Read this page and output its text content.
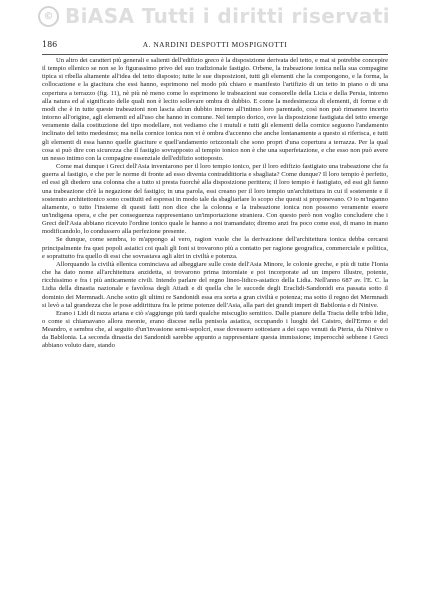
© BiASA Tutti i diritti riservati
A. NARDINI DESPOTTI MOSPIGNOTTI
186

Un altro dei caratteri più generali e salienti dell'edifizio greco è la disposizione derivata del tetto, e mai si potrebbe concepire il tempio ellenico se non se lo figurassimo privo del suo tradizionale fastigio. Orbene, la trabeazione ionica nella sua compagine tipica si ribella altamente all'idea del tetto disposto; tutte le sue disposizioni, tutti gli elementi che la compongono, e la forma, la collocazione e la giacitura che essi hanno, esprimono nel modo più chiaro e manifesto l'artifizio di un tetto in piano o di una copertura a terrazzo (fig. 11), nè più nè meno come lo esprimono le trabeazioni sue consorelle della Licia e della Persia, intorno alla natura ed al significato delle quali non è lecito sollevare ombra di dubbio. E come la medesimezza di elementi, di forme e di modi che è in tutte queste trabeazioni non lascia alcun dubbio intorno all'intimo loro parentado, così non può rimanere incerto intorno all'origine, agli elementi ed all'uso che hanno in comune. Nel tempio dorico, ove la disposizione fastigiata del tetto emerge veramente dalla costituzione del tipo modellare, noi vediamo che i mutuli e tutti gli elementi della cornice seguono l'andamento inclinato del tetto medesimo; ma nella cornice ionica non vi è ombra d'accenno che anche lontanamente a questo si riferisca, e tutti gli elementi di essa hanno quelle giaciture e quell'andamento orizzontali che sono propri d'una copertura a terrazza. Per la qual cosa si può dire con sicurezza che il fastigio sovrapposto al tempio ionico non è che una superfetazione, e che esso non può avere un nesso intimo con la compagine essenziale dell'edifizio sottoposto.

Come mai dunque i Greci dell'Asia inventarono per il loro tempio ionico, per il loro edifizio fastigiato una trabeazione che fa guerra al fastigio, e che per le norme di fronte ad esso diventa contraddittoria e sbagliata? Come dunque? Il loro tempio è perfetto, ed essi gli diedero una colonna che a tutto si presta fuorchè alla disposizione perittera; il loro tempio è fastigiato, ed essi gli fanno una trabeazione ch'è la negazione del fastigio; in una parola, essi creano per il loro tempio un'architettura in cui il sostenente e il sostenuto architettonico sono costituiti ed espressi in modo tale da sbagliarlare lo scopo che questi si proponevano. O io m'inganno altamente, o tutto l'insieme di questi fatti non dice che la colonna e la trabeazione ionica non possono veramente essere un'indigena opera, e che per conseguenza rappresentano un'importazione straniera. Con questo però non voglio concludere che i Greci dell'Asia abbiano ricevuto l'ordine ionico quale le hanno a noi tramandato; diremo anzi fra poco come essi, di mano in mano modificandolo, lo condussero alla perfezione presente.

Se dunque, come sembra, io m'appongo al vero, ragion vuole che la derivazione dell'architettura ionica debba cercarsi principalmente fra quei popoli asiatici coi quali gli Ioni si trovarono più a contatto per ragione geografica, commerciale e politica, e soprattutto fra quello di essi che sovrastava agli altri in civiltà e potenza.

Allorquando la civiltà ellenica cominciava ad albeggiare sulle coste dell'Asia Minore, le colonie greche, e più di tutte l'Ionia che ha dato nome all'architettura anzidetta, si trovarono prima intorniate e poi incorporate ad un impero illustre, potente, ricchissimo e fra i più anticamente civili. Intendo parlare del regno lineo-lidico-asiatico della Lidia. Nell'anno 687 av. l'E. C. la Lidia della dinastia nazionale e favolosa degli Atiadi e di quella che le succede degli Eraclidi-Sandonidi era passata sotto il dominio dei Mermnadi. Anche sotto gli ultimi re Sandonidi essa era sorta a gran civiltà e potenza; ma sotto il regno dei Mermnadi si levò a tal grandezza che le pose addirittura fra le prime potenze dell'Asia, alla pari dei grandi imperi di Babilonia e di Ninive.

Erano i Lidi di razza ariana e ciò s'aggiunge più tardi qualche miscuglio semitico. Dalle pianure della Tracia delle tribù lidie, o come si chiamavano allora meonie, erano discese nella penisola asiatica, occupando i luoghi del Caistro, dell'Ermo e del Meandro, e sembra che, al seguito d'un'invasione semi-sepolcri, esse dovessero sottostare a dei capo venuti da Pteria, da Ninive o da Babilonia. La seconda dinastia dei Sandonidi sarebbe appunto a rappresentare questa immissione; imperocchè sebbene i Greci abbiano voluto dare, stando
